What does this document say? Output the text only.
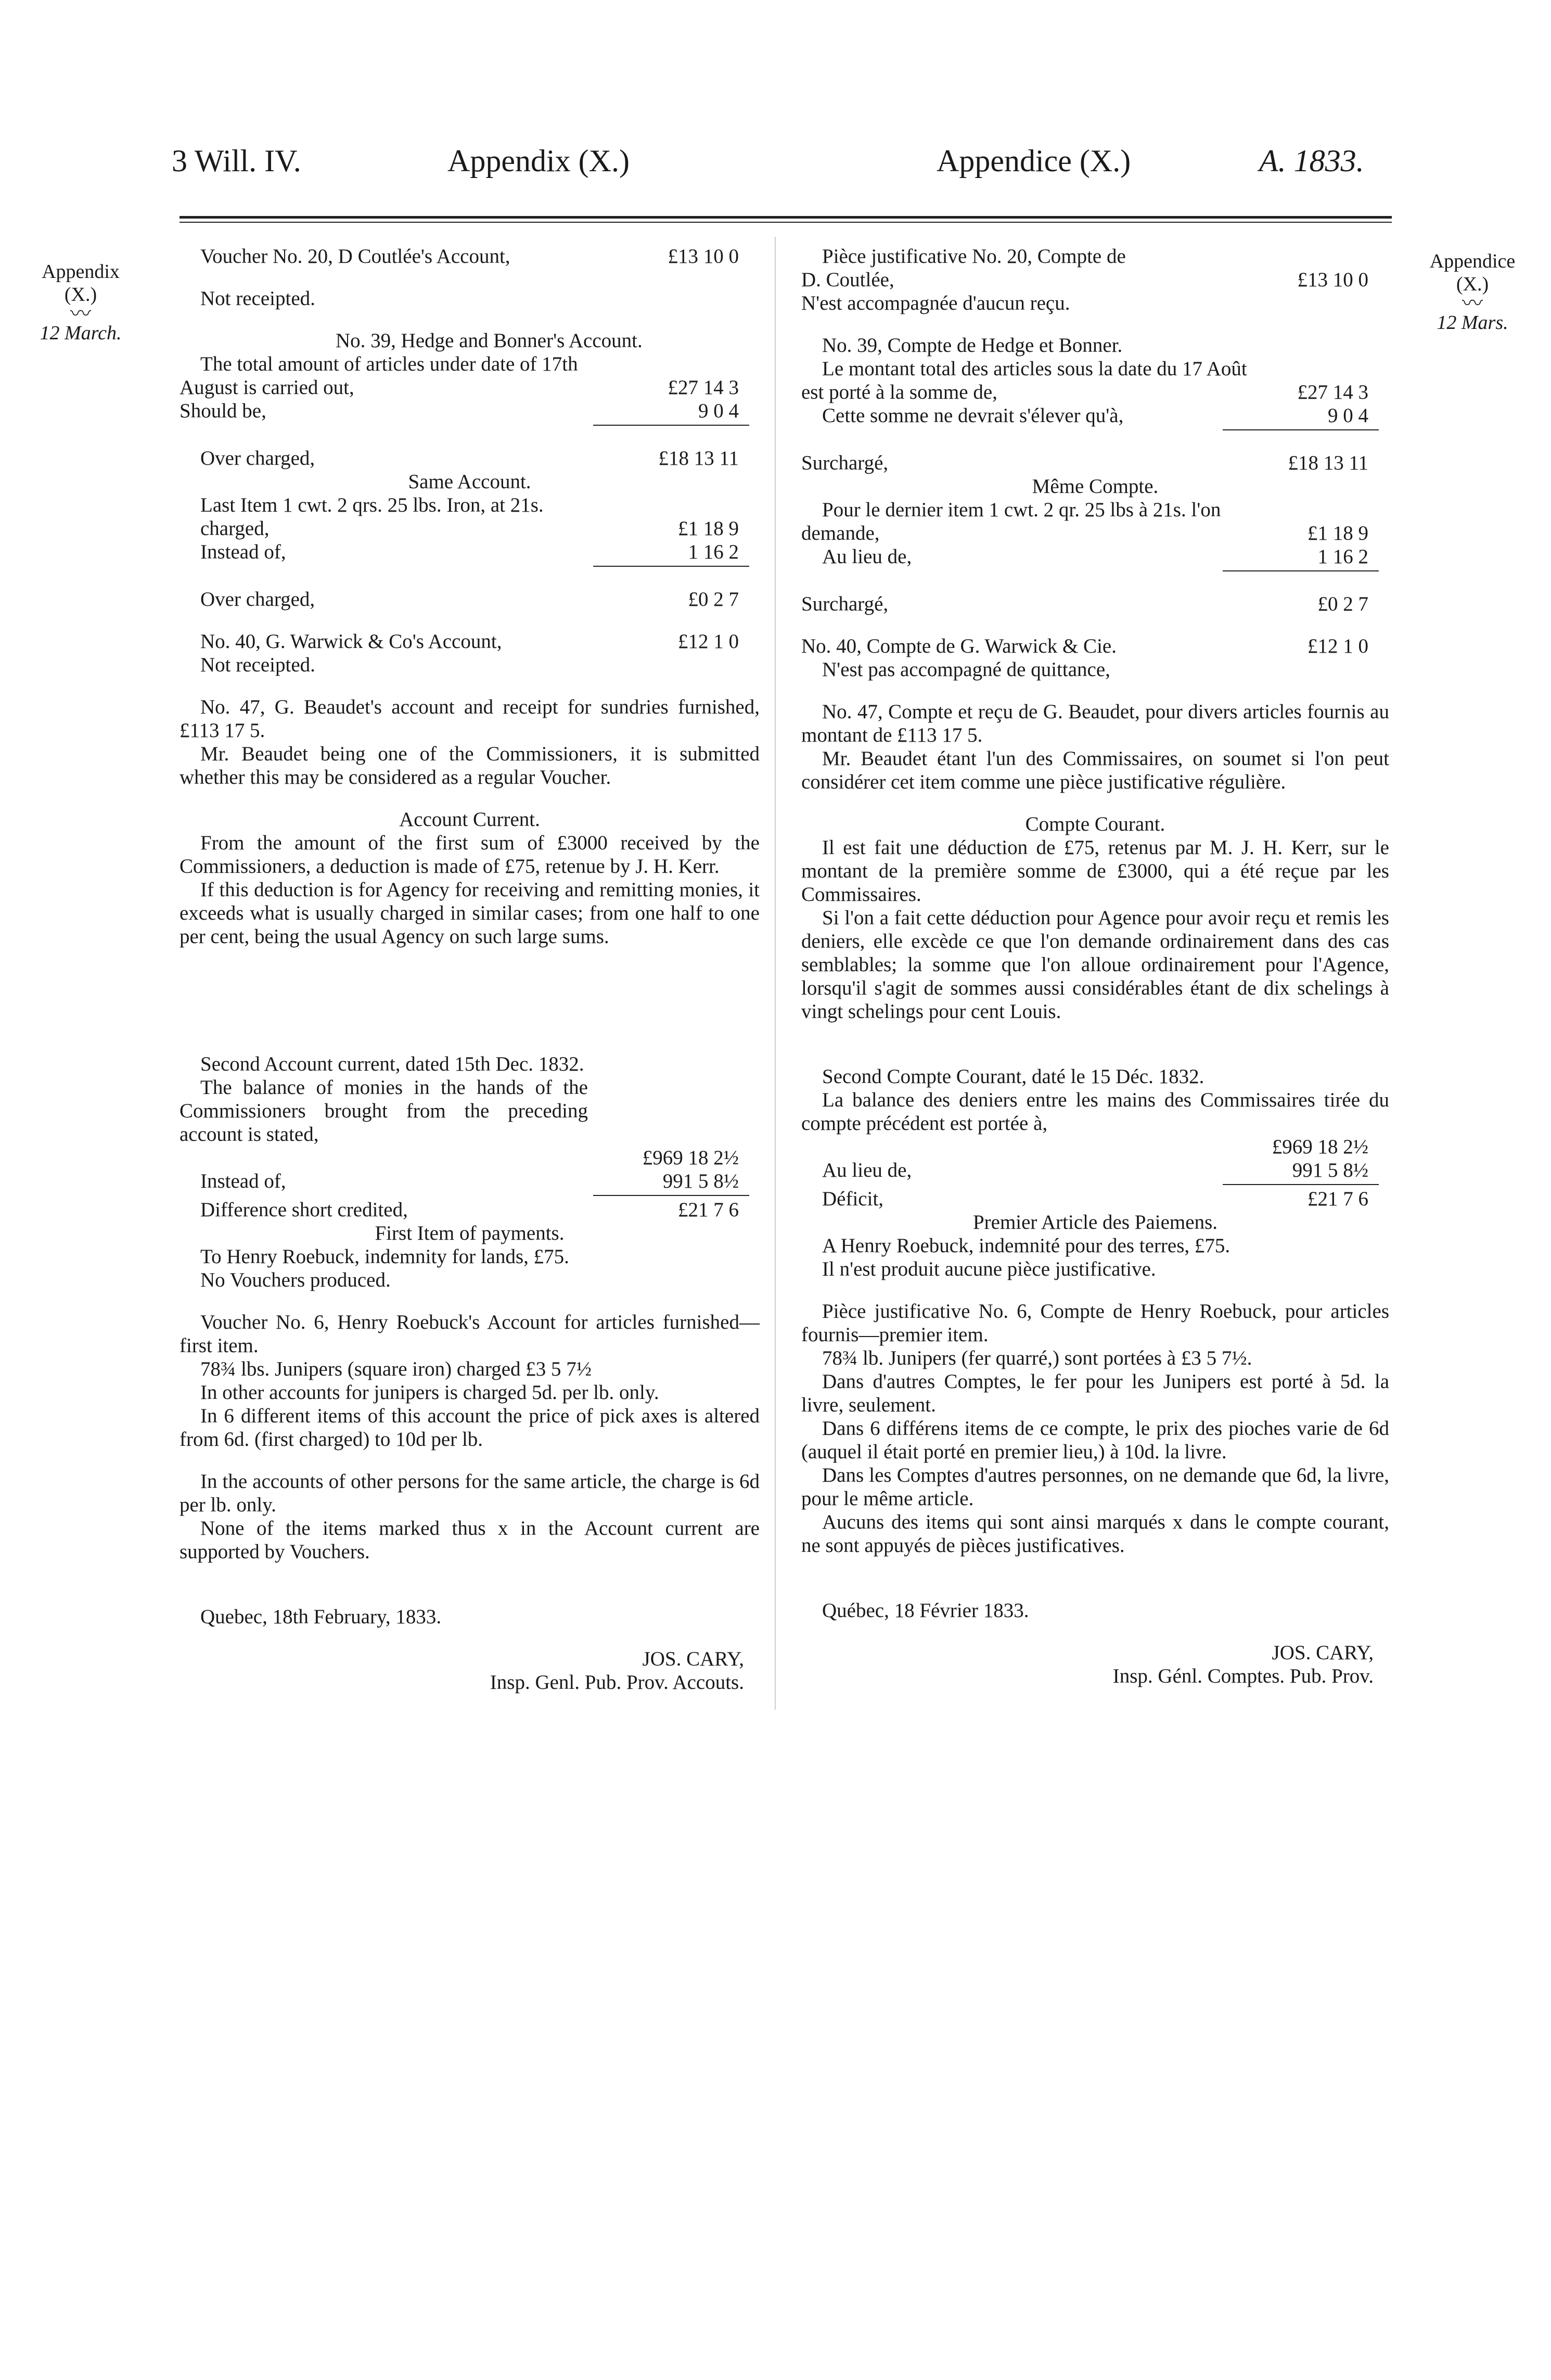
3 Will. IV.	Appendix (X.)	Appendice (X.)	A. 1833.
Appendix
(X.)
〰
12 March.
Appendice
(X.)
〰
12 Mars.
Voucher No. 20, D Coutlée's Account,	£13 10 0
Not receipted.
No. 39, Hedge and Bonner's Account.
The total amount of articles under date of 17th
August is carried out,	£27 14 3
Should be,	9 0 4
Over charged,	£18 13 11
Same Account.
Last Item 1 cwt. 2 qrs. 25 lbs. Iron, at 21s.
charged,	£1 18 9
Instead of,	1 16 2
Over charged,	£0 2 7
No. 40, G. Warwick & Co's Account,	£12 1 0
Not receipted.
No. 47, G. Beaudet's account and receipt for sundries furnished, £113 17 5.
Mr. Beaudet being one of the Commissioners, it is submitted whether this may be considered as a regular Voucher.
Account Current.
From the amount of the first sum of £3000 received by the Commissioners, a deduction is made of £75, retenue by J. H. Kerr.
If this deduction is for Agency for receiving and remitting monies, it exceeds what is usually charged in similar cases; from one half to one per cent, being the usual Agency on such large sums.
Second Account current, dated 15th Dec. 1832.
The balance of monies in the hands of the Commissioners brought from the preceding account is stated,
£969 18 2½
Instead of,	991 5 8½
Difference short credited,	£21 7 6
First Item of payments.
To Henry Roebuck, indemnity for lands, £75.
No Vouchers produced.
Voucher No. 6, Henry Roebuck's Account for articles furnished—first item.
78¾ lbs. Junipers (square iron) charged £3 5 7½
In other accounts for junipers is charged 5d. per lb. only.
In 6 different items of this account the price of pick axes is altered from 6d. (first charged) to 10d per lb.
In the accounts of other persons for the same article, the charge is 6d per lb. only.
None of the items marked thus x in the Account current are supported by Vouchers.
Quebec, 18th February, 1833.
JOS. CARY,
Insp. Genl. Pub. Prov. Accouts.
Pièce justificative No. 20, Compte de
D. Coutlée,	£13 10 0
N'est accompagnée d'aucun reçu.
No. 39, Compte de Hedge et Bonner.
Le montant total des articles sous la date du 17 Août
est porté à la somme de,	£27 14 3
Cette somme ne devrait s'élever qu'à,	9 0 4
Surchargé,	£18 13 11
Même Compte.
Pour le dernier item 1 cwt. 2 qr. 25 lbs à 21s. l'on
demande,	£1 18 9
Au lieu de,	1 16 2
Surchargé,	£0 2 7
No. 40, Compte de G. Warwick & Cie.	£12 1 0
N'est pas accompagné de quittance,
No. 47, Compte et reçu de G. Beaudet, pour divers articles fournis au montant de £113 17 5.
Mr. Beaudet étant l'un des Commissaires, on soumet si l'on peut considérer cet item comme une pièce justificative régulière.
Compte Courant.
Il est fait une déduction de £75, retenus par M. J. H. Kerr, sur le montant de la première somme de £3000, qui a été reçue par les Commissaires.
Si l'on a fait cette déduction pour Agence pour avoir reçu et remis les deniers, elle excède ce que l'on demande ordinairement dans des cas semblables; la somme que l'on alloue ordinairement pour l'Agence, lorsqu'il s'agit de sommes aussi considérables étant de dix schelings à vingt schelings pour cent Louis.
Second Compte Courant, daté le 15 Déc. 1832.
La balance des deniers entre les mains des Commissaires tirée du compte précédent est portée à,
£969 18 2½
Au lieu de,	991 5 8½
Déficit,	£21 7 6
Premier Article des Paiemens.
A Henry Roebuck, indemnité pour des terres, £75.
Il n'est produit aucune pièce justificative.
Pièce justificative No. 6, Compte de Henry Roebuck, pour articles fournis—premier item.
78¾ lb. Junipers (fer quarré,) sont portées à £3 5 7½.
Dans d'autres Comptes, le fer pour les Junipers est porté à 5d. la livre, seulement.
Dans 6 différens items de ce compte, le prix des pioches varie de 6d (auquel il était porté en premier lieu,) à 10d. la livre.
Dans les Comptes d'autres personnes, on ne demande que 6d, la livre, pour le même article.
Aucuns des items qui sont ainsi marqués x dans le compte courant, ne sont appuyés de pièces justificatives.
Québec, 18 Février 1833.
JOS. CARY,
Insp. Génl. Comptes. Pub. Prov.
